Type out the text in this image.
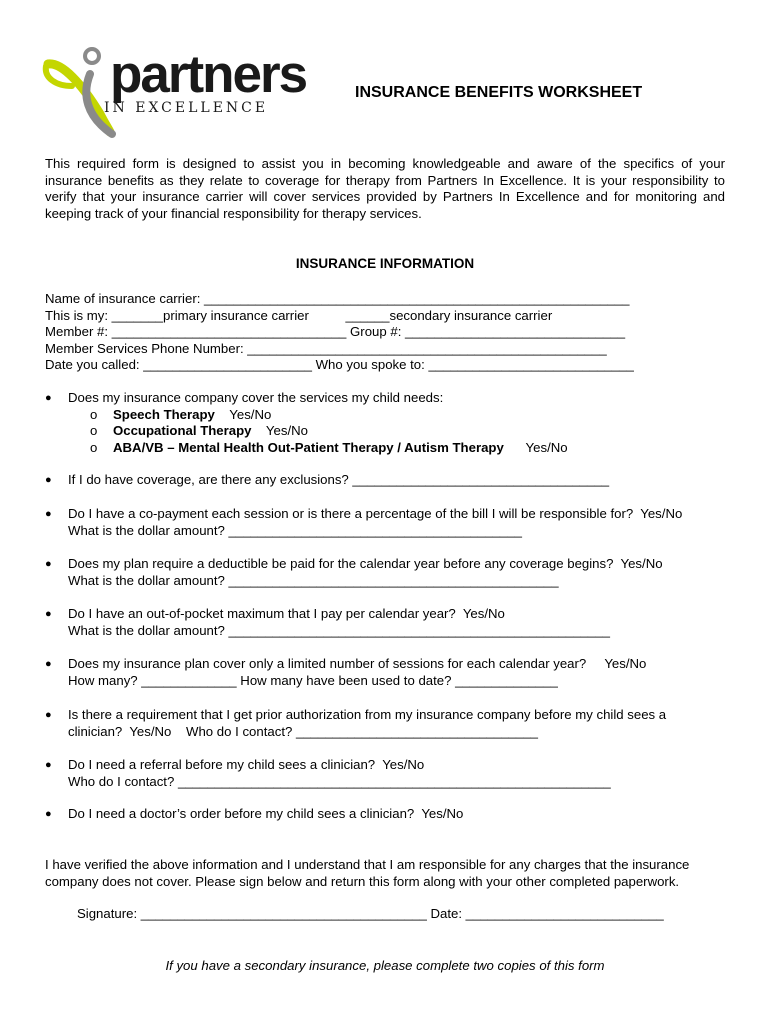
partners
IN EXCELLENCE
INSURANCE BENEFITS WORKSHEET
This required form is designed to assist you in becoming knowledgeable and aware of the specifics of your insurance benefits as they relate to coverage for therapy from Partners In Excellence. It is your responsibility to verify that your insurance carrier will cover services provided by Partners In Excellence and for monitoring and keeping track of your financial responsibility for therapy services.
INSURANCE INFORMATION
Name of insurance carrier: __________________________________________________________
This is my: _______primary insurance carrier          ______secondary insurance carrier
Member #: ________________________________ Group #: ______________________________
Member Services Phone Number: _________________________________________________
Date you called: _______________________ Who you spoke to: ____________________________
● Does my insurance company cover the services my child needs:
o Speech Therapy    Yes/No
o Occupational Therapy    Yes/No
o ABA/VB – Mental Health Out-Patient Therapy / Autism Therapy      Yes/No
● If I do have coverage, are there any exclusions? ___________________________________
● Do I have a co-payment each session or is there a percentage of the bill I will be responsible for?  Yes/No
What is the dollar amount? ________________________________________
● Does my plan require a deductible be paid for the calendar year before any coverage begins?  Yes/No
What is the dollar amount? _____________________________________________
● Do I have an out-of-pocket maximum that I pay per calendar year?  Yes/No
What is the dollar amount? ____________________________________________________
● Does my insurance plan cover only a limited number of sessions for each calendar year?     Yes/No
How many? _____________ How many have been used to date? ______________
● Is there a requirement that I get prior authorization from my insurance company before my child sees a
clinician?  Yes/No    Who do I contact? _________________________________
● Do I need a referral before my child sees a clinician?  Yes/No
Who do I contact? ___________________________________________________________
● Do I need a doctor’s order before my child sees a clinician?  Yes/No
I have verified the above information and I understand that I am responsible for any charges that the insurance company does not cover. Please sign below and return this form along with your other completed paperwork.
Signature: _______________________________________ Date: ___________________________
If you have a secondary insurance, please complete two copies of this form
